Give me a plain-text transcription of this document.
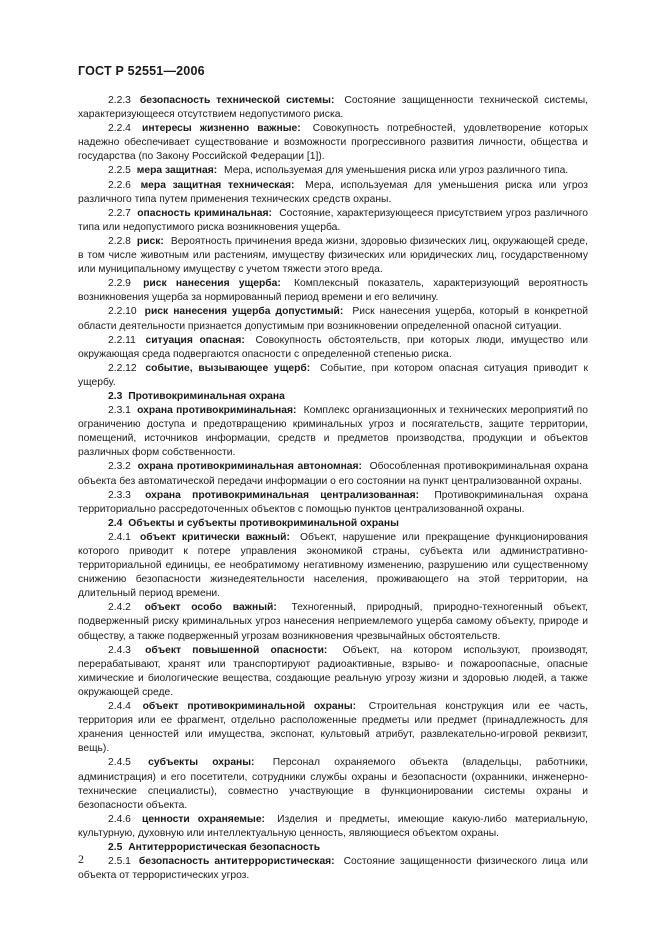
ГОСТ Р 52551—2006

2.2.3 безопасность технической системы: Состояние защищенности технической системы, характеризующееся отсутствием недопустимого риска.

2.2.4 интересы жизненно важные: Совокупность потребностей, удовлетворение которых надежно обеспечивает существование и возможности прогрессивного развития личности, общества и государства (по Закону Российской Федерации [1]).

2.2.5 мера защитная: Мера, используемая для уменьшения риска или угроз различного типа.

2.2.6 мера защитная техническая: Мера, используемая для уменьшения риска или угроз различного типа путем применения технических средств охраны.

2.2.7 опасность криминальная: Состояние, характеризующееся присутствием угроз различного типа или недопустимого риска возникновения ущерба.

2.2.8 риск: Вероятность причинения вреда жизни, здоровью физических лиц, окружающей среде, в том числе животным или растениям, имуществу физических или юридических лиц, государственному или муниципальному имуществу с учетом тяжести этого вреда.

2.2.9 риск нанесения ущерба: Комплексный показатель, характеризующий вероятность возникновения ущерба за нормированный период времени и его величину.

2.2.10 риск нанесения ущерба допустимый: Риск нанесения ущерба, который в конкретной области деятельности признается допустимым при возникновении определенной опасной ситуации.

2.2.11 ситуация опасная: Совокупность обстоятельств, при которых люди, имущество или окружающая среда подвергаются опасности с определенной степенью риска.

2.2.12 событие, вызывающее ущерб: Событие, при котором опасная ситуация приводит к ущербу.

2.3 Противокриминальная охрана

2.3.1 охрана противокриминальная: Комплекс организационных и технических мероприятий по ограничению доступа и предотвращению криминальных угроз и посягательств, защите территории, помещений, источников информации, средств и предметов производства, продукции и объектов различных форм собственности.

2.3.2 охрана противокриминальная автономная: Обособленная противокриминальная охрана объекта без автоматической передачи информации о его состоянии на пункт централизованной охраны.

2.3.3 охрана противокриминальная централизованная: Противокриминальная охрана территориально рассредоточенных объектов с помощью пунктов централизованной охраны.

2.4 Объекты и субъекты противокриминальной охраны

2.4.1 объект критически важный: Объект, нарушение или прекращение функционирования которого приводит к потере управления экономикой страны, субъекта или административно-территориальной единицы, ее необратимому негативному изменению, разрушению или существенному снижению безопасности жизнедеятельности населения, проживающего на этой территории, на длительный период времени.

2.4.2 объект особо важный: Техногенный, природный, природно-техногенный объект, подверженный риску криминальных угроз нанесения неприемлемого ущерба самому объекту, природе и обществу, а также подверженный угрозам возникновения чрезвычайных обстоятельств.

2.4.3 объект повышенной опасности: Объект, на котором используют, производят, перерабатывают, хранят или транспортируют радиоактивные, взрыво- и пожароопасные, опасные химические и биологические вещества, создающие реальную угрозу жизни и здоровью людей, а также окружающей среде.

2.4.4 объект противокриминальной охраны: Строительная конструкция или ее часть, территория или ее фрагмент, отдельно расположенные предметы или предмет (принадлежность для хранения ценностей или имущества, экспонат, культовый атрибут, развлекательно-игровой реквизит, вещь).

2.4.5 субъекты охраны: Персонал охраняемого объекта (владельцы, работники, администрация) и его посетители, сотрудники службы охраны и безопасности (охранники, инженерно-технические специалисты), совместно участвующие в функционировании системы охраны и безопасности объекта.

2.4.6 ценности охраняемые: Изделия и предметы, имеющие какую-либо материальную, культурную, духовную или интеллектуальную ценность, являющиеся объектом охраны.

2.5 Антитеррористическая безопасность

2.5.1 безопасность антитеррористическая: Состояние защищенности физического лица или объекта от террористических угроз.

2
